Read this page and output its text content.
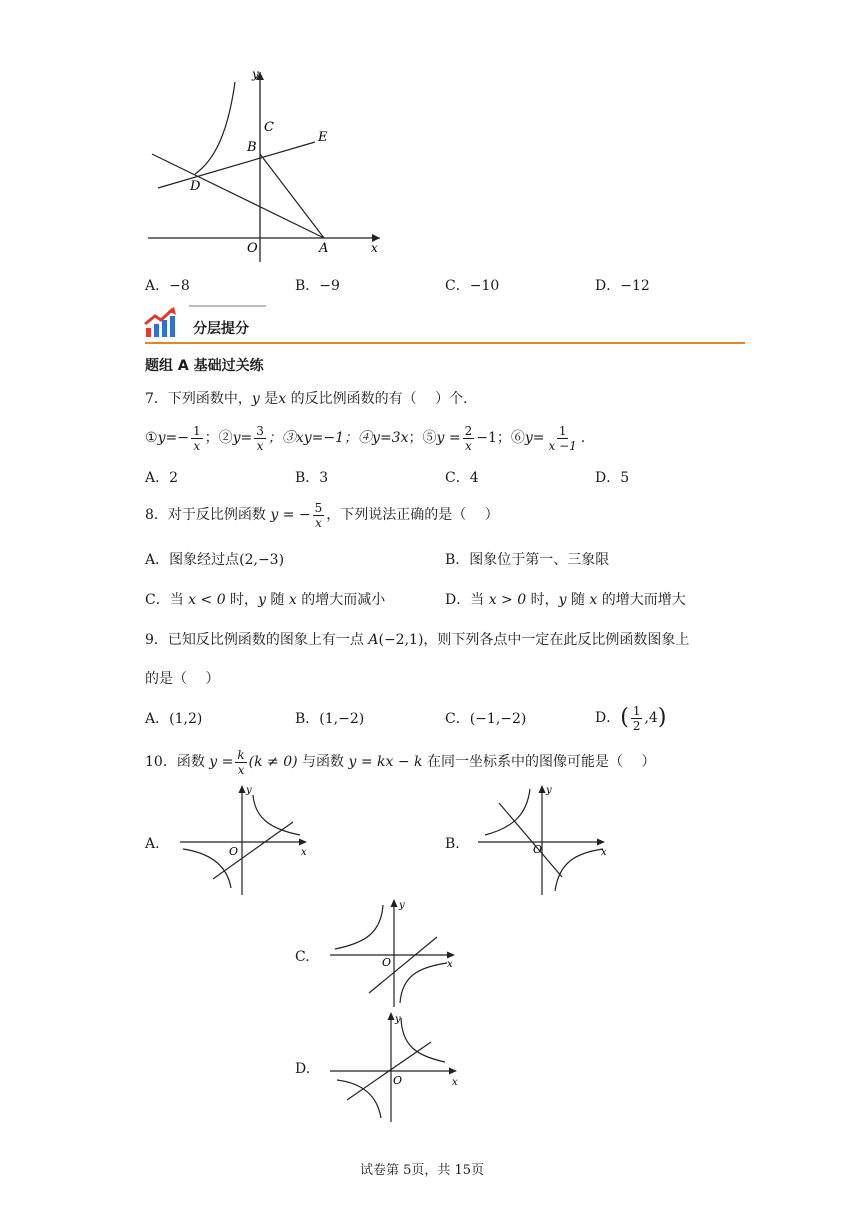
y
x
C
B
E
D
O	A
A．−8	B．−9	C．−10	D．−12
分层提分
题组 A 基础过关练
7．下列函数中，y 是x 的反比例函数的有（　 ）个．
①y=− $\frac{1}{x}$ ；②y= $\frac{3}{x}$ ；③xy=−1；④y=3x；⑤y = $\frac{2}{x} -1$；⑥y= $\frac{1}{x -1}$ .
A．2	B．3	C．4	D．5
8．对于反比例函数 y = − $\frac{5}{x}$ ，下列说法正确的是（　 ）
A．图象经过点(2,−3)	B．图象位于第一、三象限
C．当 x < 0 时，y 随 x 的增大而减小	D．当 x > 0 时，y 随 x 的增大而增大
9．已知反比例函数的图象上有一点 A(−2,1)，则下列各点中一定在此反比例函数图象上
的是（　 ）
A．(1,2)	B．(1,−2)	C．(−1,−2)	D．( $\frac{1}{2} ,4$)
10．函数 $y = \frac{k}{x} (k \ne 0)$ 与函数 y = kx − k 在同一坐标系中的图像可能是（　 ）
A.	B.
C.
D.
y
x
O
y
x
O
y
x
O
y
x
O
试卷第 5页，共 15页
